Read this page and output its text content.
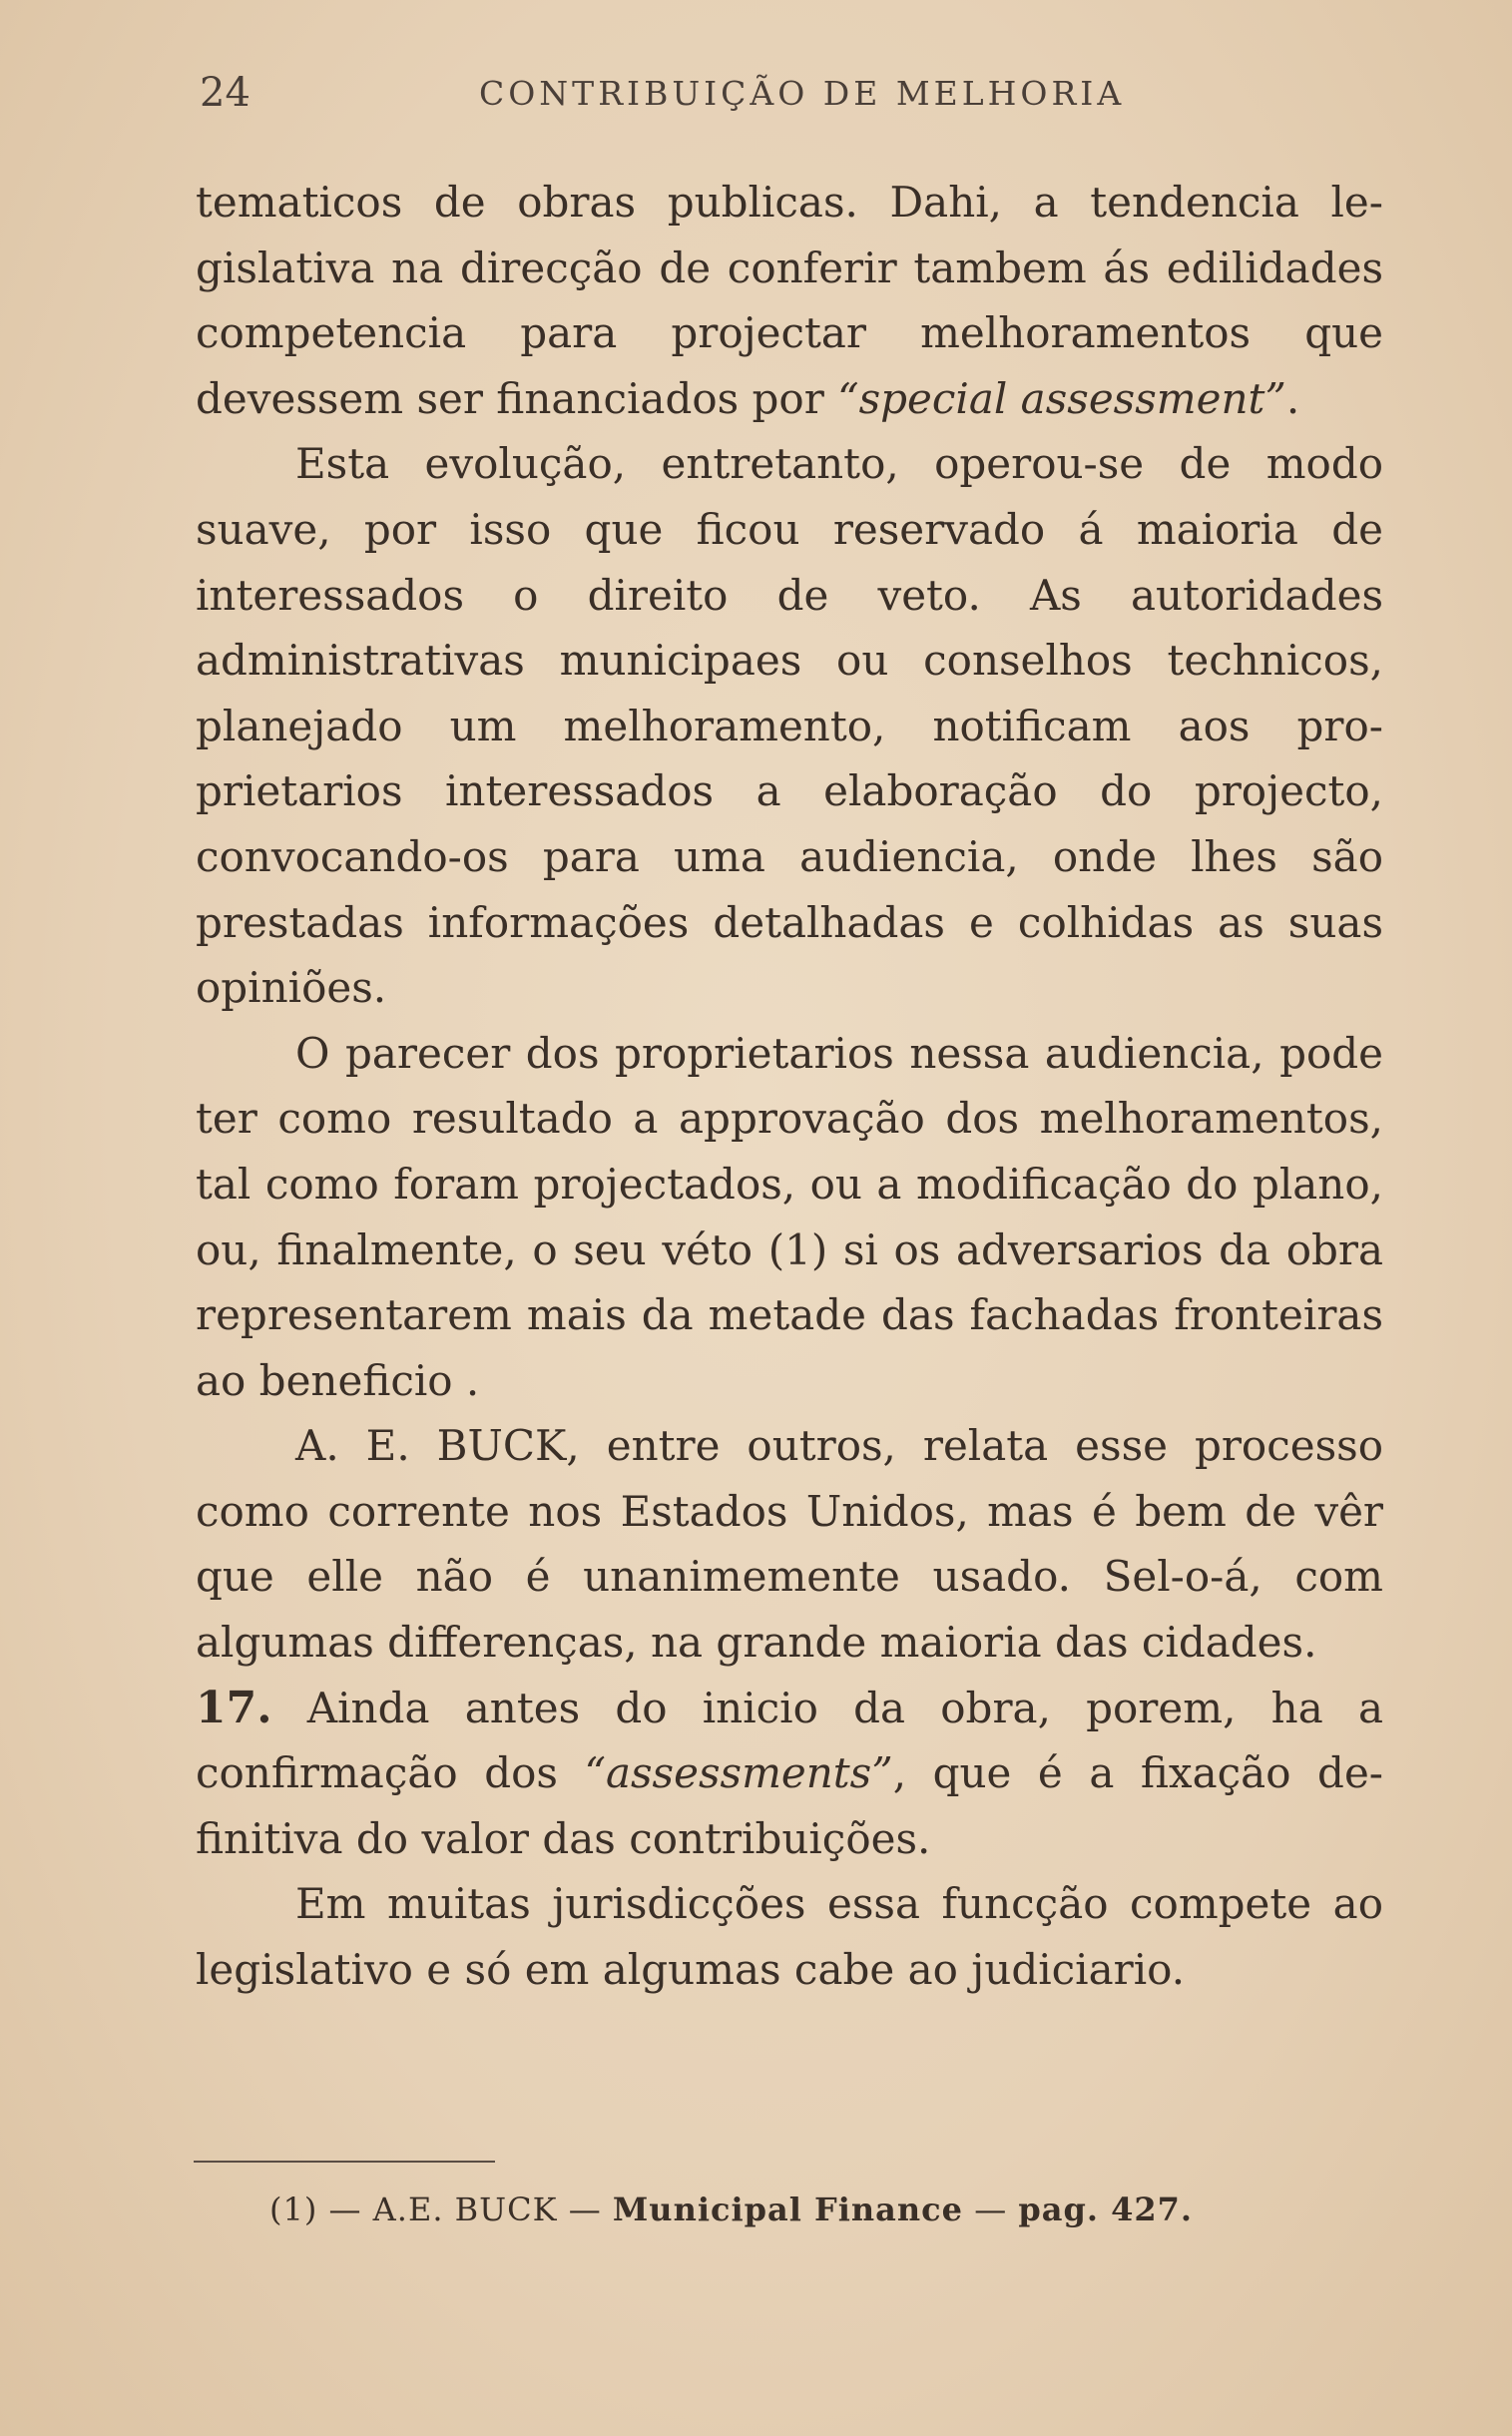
24	CONTRIBUIÇÃO DE MELHORIA

tematicos de obras publicas. Dahi, a tendencia legislativa na direcção de conferir tambem ás edilidades competencia para projectar melhoramentos que devessem ser financiados por “special assessment”.

Esta evolução, entretanto, operou-se de modo suave, por isso que ficou reservado á maioria de interessados o direito de veto. As autoridades administrativas municipaes ou conselhos technicos, planejado um melhoramento, notificam aos proprietarios interessados a elaboração do projecto, convocando-os para uma audiencia, onde lhes são prestadas informações detalhadas e colhidas as suas opiniões.

O parecer dos proprietarios nessa audiencia, pode ter como resultado a approvação dos melhoramentos, tal como foram projectados, ou a modificação do plano, ou, finalmente, o seu véto (1) si os adversarios da obra representarem mais da metade das fachadas fronteiras ao beneficio .

A. E. BUCK, entre outros, relata esse processo como corrente nos Estados Unidos, mas é bem de vêr que elle não é unanimemente usado. Sel-o-á, com algumas differenças, na grande maioria das cidades.

17. Ainda antes do inicio da obra, porem, ha a confirmação dos “assessments”, que é a fixação definitiva do valor das contribuições.

Em muitas jurisdicções essa funcção compete ao legislativo e só em algumas cabe ao judiciario.

(1) — A.E. BUCK — Municipal Finance — pag. 427.
